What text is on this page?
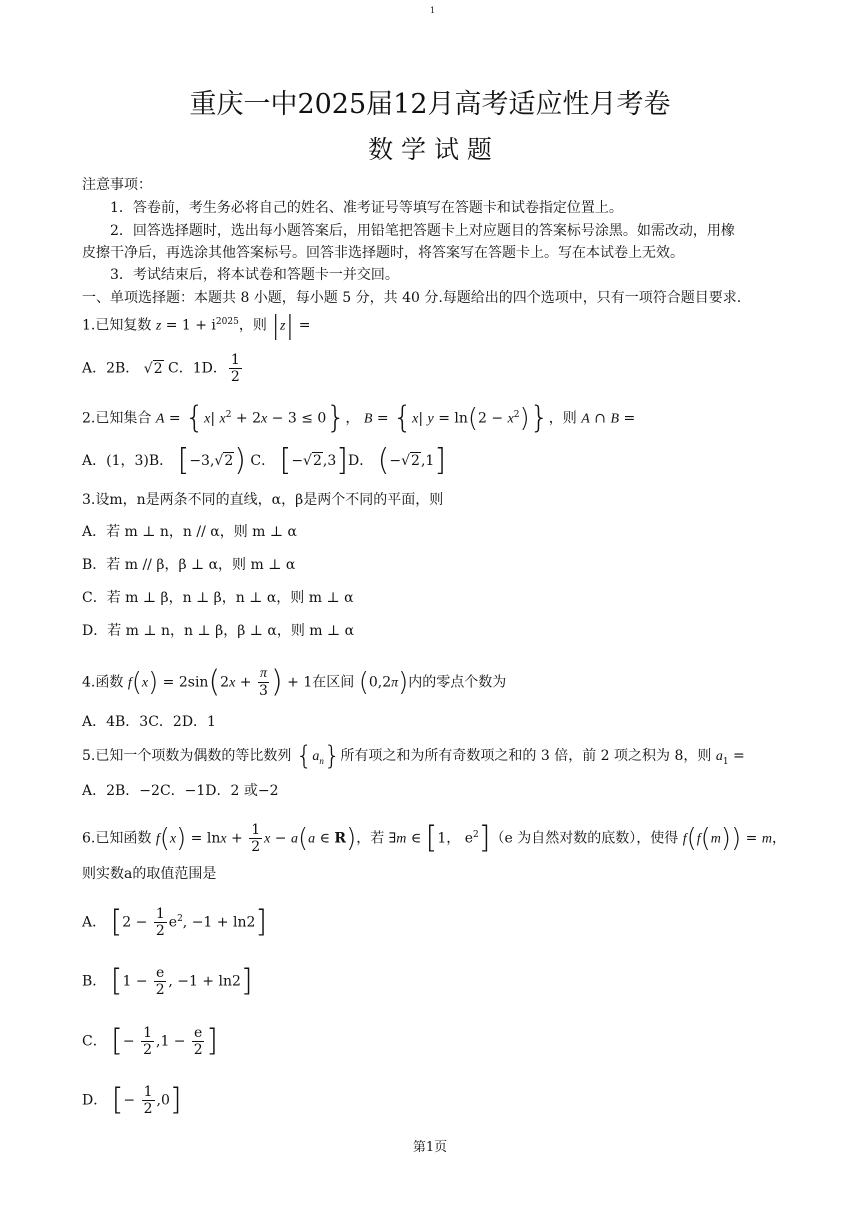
1
重庆一中2025届12月高考适应性月考卷
数 学 试 题
注意事项：
1．答卷前，考生务必将自己的姓名、准考证号等填写在答题卡和试卷指定位置上。
2．回答选择题时，选出每小题答案后，用铅笔把答题卡上对应题目的答案标号涂黑。如需改动，用橡
皮擦干净后，再选涂其他答案标号。回答非选择题时，将答案写在答题卡上。写在本试卷上无效。
3．考试结束后，将本试卷和答题卡一并交回。
一、单项选择题：本题共 8 小题，每小题 5 分，共 40 分.每题给出的四个选项中，只有一项符合题目要求.
1.已知复数 $z = 1 + i^{2025}$，则 |z| =
A．2B． √2 C．1D． $\frac{1}{2}$
2.已知集合 A = {x| $x^2 + 2x - 3 \le 0$}， B = {x| $y = \ln(2 - x^2)$}，则 A ∩ B =
A．(1，3)B． [−3,√2) C． [−√2,3]D． (−√2,1]
3.设m，n是两条不同的直线，α，β是两个不同的平面，则
A．若 m ⊥ n，n // α，则 m ⊥ α
B．若 m // β，β ⊥ α，则 m ⊥ α
C．若 m ⊥ β，n ⊥ β，n ⊥ α，则 m ⊥ α
D．若 m ⊥ n，n ⊥ β，β ⊥ α，则 m ⊥ α
4.函数 $f(x) = 2\sin(2x + \frac{\pi}{3}$ ) + 1在区间 (0,2π)内的零点个数为
A．4B．3C．2D．1
5.已知一个项数为偶数的等比数列 $\{a_n\}$所有项之和为所有奇数项之和的 3 倍，前 2 项之积为 8，则 $a_1$ =
A．2B．−2C．−1D．2 或−2
6.已知函数 $f(x) = \ln x + \frac{1}{2}$ x − a(a ∈ R)，若 ∃m ∈ [1， $e^2](e$ 为自然对数的底数），使得 f(f(m)) = m，
则实数a的取值范围是
A． [$2 - \frac{1}{2} e^2$, −1 + ln2]
B． [$1 - \frac{e}{2}$ , −1 + ln2]
C． [− $\frac{1}{2} ,1 - \frac{e}{2}$ ]
D． [− $\frac{1}{2} ,0$]
第1页
